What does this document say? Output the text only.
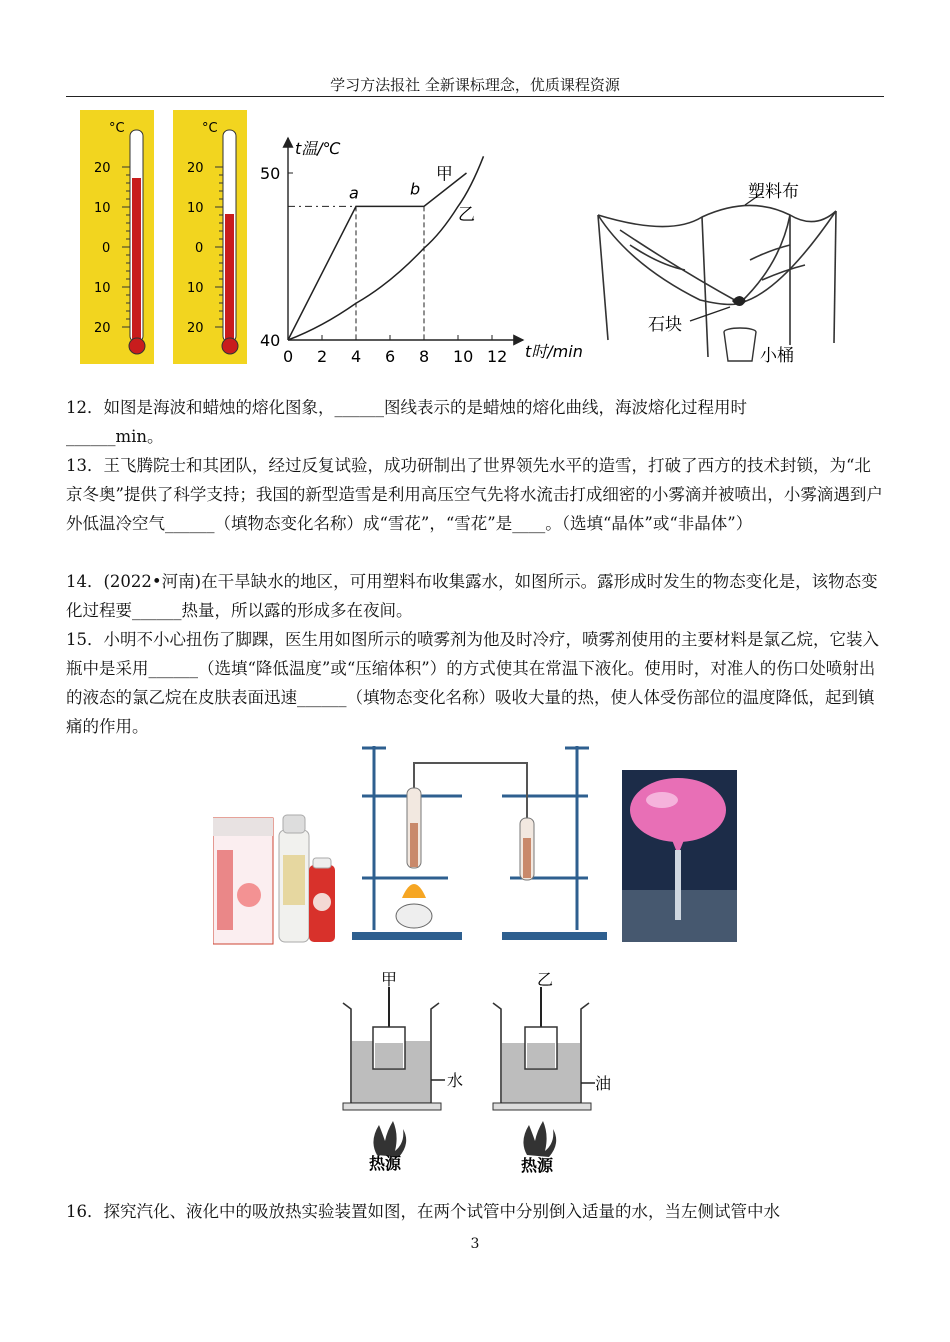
学习方法报社 全新课标理念，优质课程资源
°C
20
10
0
10
20
°C
20
10
0
10
20
t温/℃
t时/min
50
40
0 2 4 6 8 10 12
a	b
甲
乙
塑料布
石块
小桶
12．如图是海波和蜡烛的熔化图象，______图线表示的是蜡烛的熔化曲线，海波熔化过程用时
______min。
13．王飞腾院士和其团队，经过反复试验，成功研制出了世界领先水平的造雪，打破了西方的技术封锁，为“北京冬奥”提供了科学支持；我国的新型造雪是利用高压空气先将水流击打成细密的小雾滴并被喷出，小雾滴遇到户外低温冷空气______（填物态变化名称）成“雪花”，“雪花”是____。（选填“晶体”或“非晶体”）
14．(2022•河南)在干旱缺水的地区，可用塑料布收集露水，如图所示。露形成时发生的物态变化是，该物态变化过程要______热量，所以露的形成多在夜间。
15．小明不小心扭伤了脚踝，医生用如图所示的喷雾剂为他及时冷疗，喷雾剂使用的主要材料是氯乙烷，它装入瓶中是采用______（选填“降低温度”或“压缩体积”）的方式使其在常温下液化。使用时，对准人的伤口处喷射出的液态的氯乙烷在皮肤表面迅速______（填物态变化名称）吸收大量的热，使人体受伤部位的温度降低，起到镇痛的作用。
甲
水
热源
乙
油
热源
16．探究汽化、液化中的吸放热实验装置如图，在两个试管中分别倒入适量的水，当左侧试管中水
3
